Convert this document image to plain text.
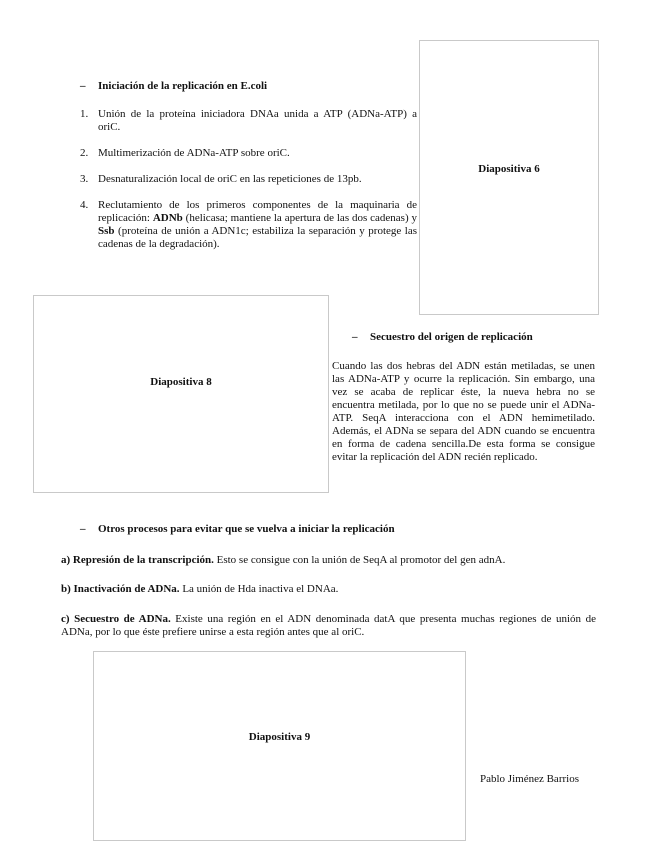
– Iniciación de la replicación en E.coli
1. Unión de la proteína iniciadora DNAa unida a ATP (ADNa-ATP) a oriC.
2. Multimerización de ADNa-ATP sobre oriC.
3. Desnaturalización local de oriC en las repeticiones de 13pb.
4. Reclutamiento de los primeros componentes de la maquinaria de replicación: ADNb (helicasa; mantiene la apertura de las dos cadenas) y Ssb (proteína de unión a ADN1c; estabiliza la separación y protege las cadenas de la degradación).
Diapositiva 6
Diapositiva 8
– Secuestro del origen de replicación

Cuando las dos hebras del ADN están metiladas, se unen las ADNa-ATP y ocurre la replicación. Sin embargo, una vez se acaba de replicar éste, la nueva hebra no se encuentra metilada, por lo que no se puede unir el ADNa-ATP. SeqA interacciona con el ADN hemimetilado. Además, el ADNa se separa del ADN cuando se encuentra en forma de cadena sencilla.De esta forma se consigue evitar la replicación del ADN recién replicado.

– Otros procesos para evitar que se vuelva a iniciar la replicación

a) Represión de la transcripción. Esto se consigue con la unión de SeqA al promotor del gen adnA.

b) Inactivación de ADNa. La unión de Hda inactiva el DNAa.

c) Secuestro de ADNa. Existe una región en el ADN denominada datA que presenta muchas regiones de unión de ADNa, por lo que éste prefiere unirse a esta región antes que al oriC.

Diapositiva 9
Pablo Jiménez Barrios
